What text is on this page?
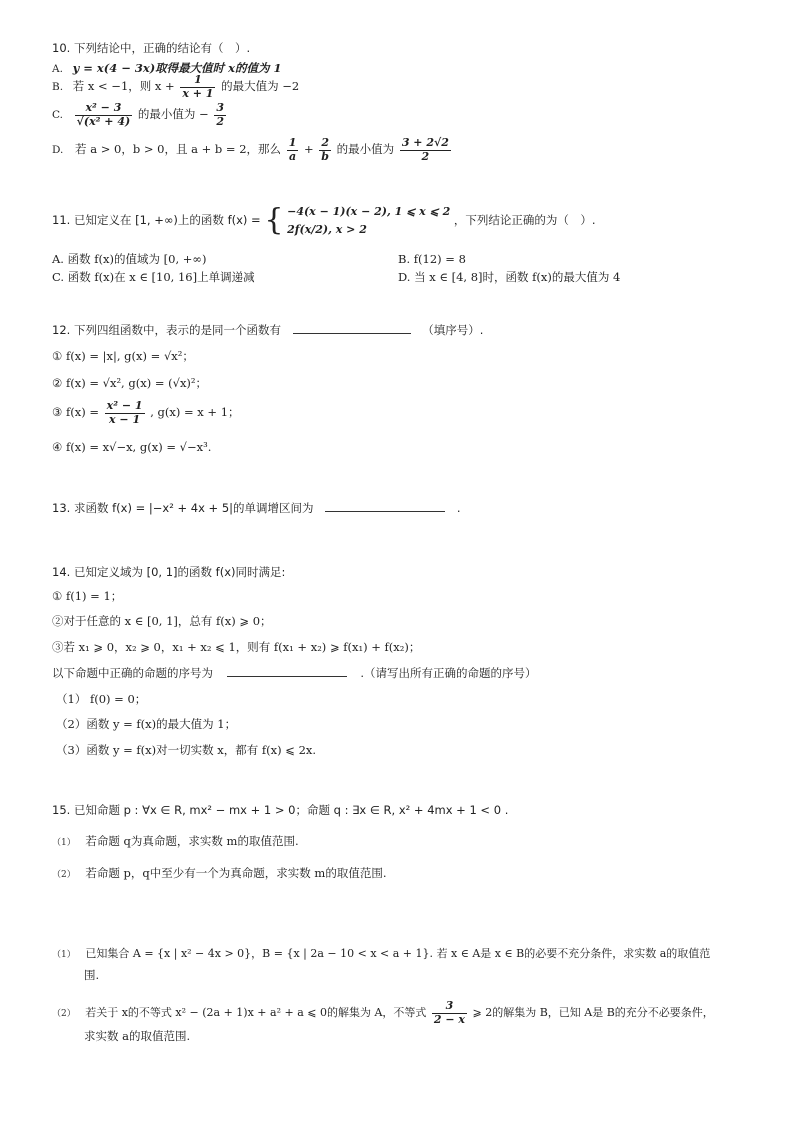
10. 下列结论中，正确的结论有（　）.
A. y = x(4 − 3x)取得最大值时 x的值为 1
B. 若 x < −1，则 $x + \frac{1}{x + 1}$ 的最大值为 −2
C. $\frac{\text{x² − 3}}{\text{√(x² + 4)}}$ 的最小值为 − $\frac{3}{2}$
D. 若 a > 0，b > 0，且 a + b = 2，那么 $\frac{1}{a} + \frac{2}{b}$ 的最小值为 $\frac{3 + 2√2}{2}$
11. 已知定义在 [1, +∞)上的函数 f(x) = { −4(x − 1)(x − 2), 1 ⩽ x ⩽ 2
2f(x/2), x > 2
，下列结论正确的为（　）.
A. 函数 f(x)的值域为 [0, +∞)	B. f(12) = 8
C. 函数 f(x)在 x ∈ [10, 16]上单调递减	D. 当 x ∈ [4, 8]时，函数 f(x)的最大值为 4
12. 下列四组函数中，表示的是同一个函数有	（填序号）.
① f(x) = |x|, g(x) = √x²；
② f(x) = √x², g(x) = (√x)²；
③ $f(x) = \frac{\text{x² − 1}}{x - 1}$ , g(x) = x + 1；
④ f(x) = x√−x, g(x) = √−x³.
13. 求函数 f(x) = |−x² + 4x + 5|的单调增区间为	.
14. 已知定义域为 [0, 1]的函数 f(x)同时满足:
① f(1) = 1；
②对于任意的 x ∈ [0, 1]，总有 f(x) ⩾ 0；
③若 x₁ ⩾ 0，x₂ ⩾ 0，x₁ + x₂ ⩽ 1，则有 f(x₁ + x₂) ⩾ f(x₁) + f(x₂)；
以下命题中正确的命题的序号为	.（请写出所有正确的命题的序号）
（1） f(0) = 0；
（2）函数 y = f(x)的最大值为 1；
（3）函数 y = f(x)对一切实数 x，都有 f(x) ⩽ 2x.
15. 已知命题 p : ∀x ∈ R, mx² − mx + 1 > 0；命题 q : ∃x ∈ R, x² + 4mx + 1 < 0 .
（1） 若命题 q为真命题，求实数 m的取值范围.
（2） 若命题 p，q中至少有一个为真命题，求实数 m的取值范围.
（1） 已知集合 A = {x | x² − 4x > 0}，B = {x | 2a − 10 < x < a + 1}. 若 x ∈ A是 x ∈ B的必要不充分条件，求实数 a的取值范
围.
（2） 若关于 x的不等式 x² − (2a + 1)x + a² + a ⩽ 0的解集为 A，不等式 $\frac{3}{2 - x}$ ⩾ 2的解集为 B，已知 A是 B的充分不必要条件，
求实数 a的取值范围.
